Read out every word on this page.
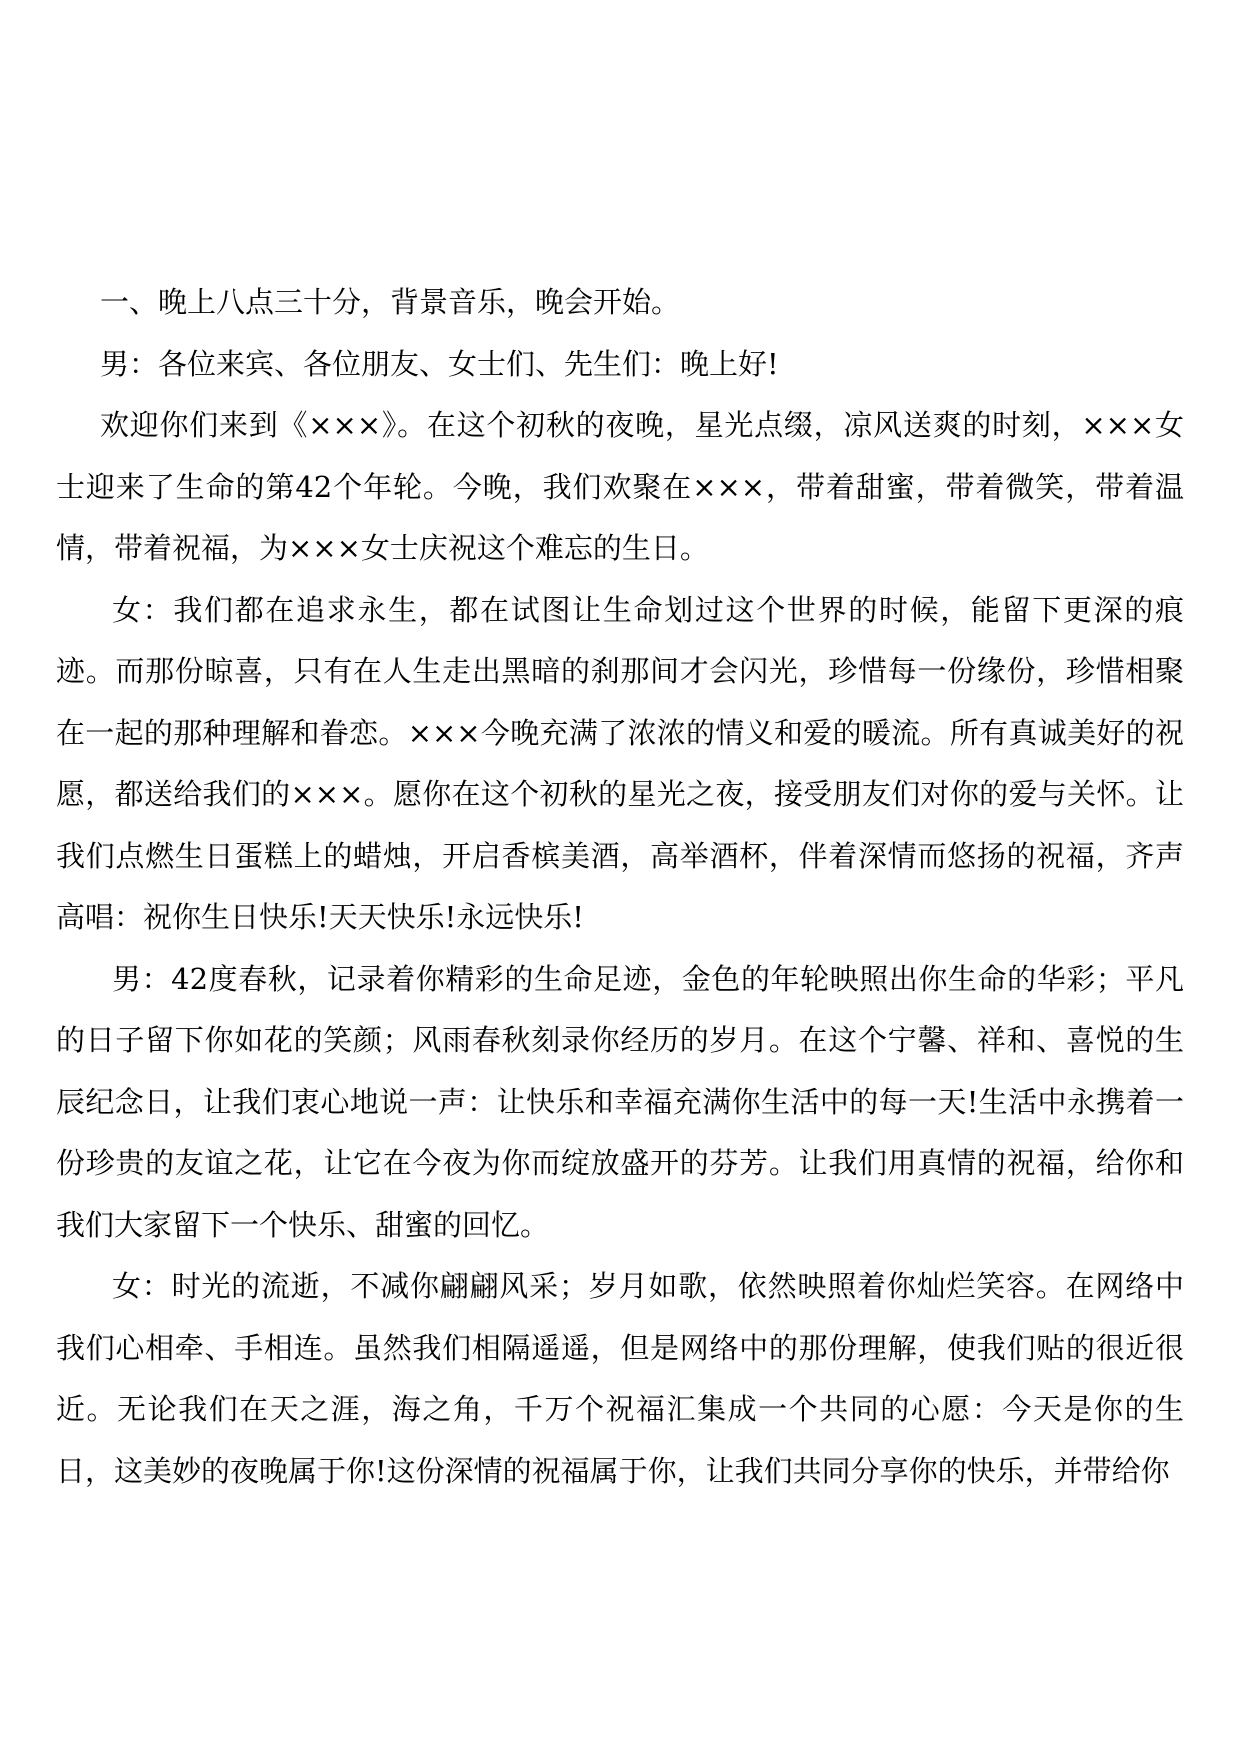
一、晚上八点三十分，背景音乐，晚会开始。

男：各位来宾、各位朋友、女士们、先生们：晚上好!

欢迎你们来到《×××》。在这个初秋的夜晚，星光点缀，凉风送爽的时刻，×××女士迎来了生命的第42个年轮。今晚，我们欢聚在×××，带着甜蜜，带着微笑，带着温情，带着祝福，为×××女士庆祝这个难忘的生日。

女：我们都在追求永生，都在试图让生命划过这个世界的时候，能留下更深的痕迹。而那份晾喜，只有在人生走出黑暗的刹那间才会闪光，珍惜每一份缘份，珍惜相聚在一起的那种理解和眷恋。×××今晚充满了浓浓的情义和爱的暖流。所有真诚美好的祝愿，都送给我们的×××。愿你在这个初秋的星光之夜，接受朋友们对你的爱与关怀。让我们点燃生日蛋糕上的蜡烛，开启香槟美酒，高举酒杯，伴着深情而悠扬的祝福，齐声高唱：祝你生日快乐!天天快乐!永远快乐!

男：42度春秋，记录着你精彩的生命足迹，金色的年轮映照出你生命的华彩；平凡的日子留下你如花的笑颜；风雨春秋刻录你经历的岁月。在这个宁馨、祥和、喜悦的生辰纪念日，让我们衷心地说一声：让快乐和幸福充满你生活中的每一天!生活中永携着一份珍贵的友谊之花，让它在今夜为你而绽放盛开的芬芳。让我们用真情的祝福，给你和我们大家留下一个快乐、甜蜜的回忆。

女：时光的流逝，不减你翩翩风采；岁月如歌，依然映照着你灿烂笑容。在网络中我们心相牵、手相连。虽然我们相隔遥遥，但是网络中的那份理解，使我们贴的很近很近。无论我们在天之涯，海之角，千万个祝福汇集成一个共同的心愿：今天是你的生日，这美妙的夜晚属于你!这份深情的祝福属于你，让我们共同分享你的快乐，并带给你
